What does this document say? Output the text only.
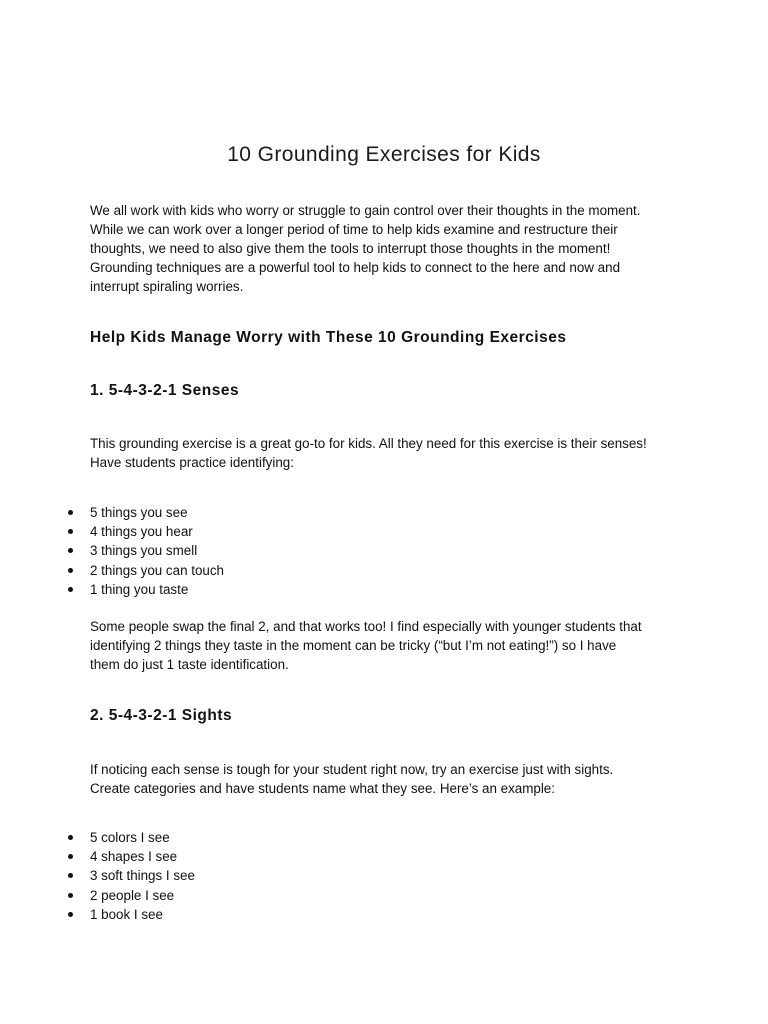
10 Grounding Exercises for Kids
We all work with kids who worry or struggle to gain control over their thoughts in the moment.
While we can work over a longer period of time to help kids examine and restructure their
thoughts, we need to also give them the tools to interrupt those thoughts in the moment!
Grounding techniques are a powerful tool to help kids to connect to the here and now and
interrupt spiraling worries.
Help Kids Manage Worry with These 10 Grounding Exercises
1. 5-4-3-2-1 Senses
This grounding exercise is a great go-to for kids. All they need for this exercise is their senses!
Have students practice identifying:
5 things you see
4 things you hear
3 things you smell
2 things you can touch
1 thing you taste
Some people swap the final 2, and that works too! I find especially with younger students that
identifying 2 things they taste in the moment can be tricky (“but I’m not eating!”) so I have
them do just 1 taste identification.
2. 5-4-3-2-1 Sights
If noticing each sense is tough for your student right now, try an exercise just with sights.
Create categories and have students name what they see. Here’s an example:
5 colors I see
4 shapes I see
3 soft things I see
2 people I see
1 book I see
